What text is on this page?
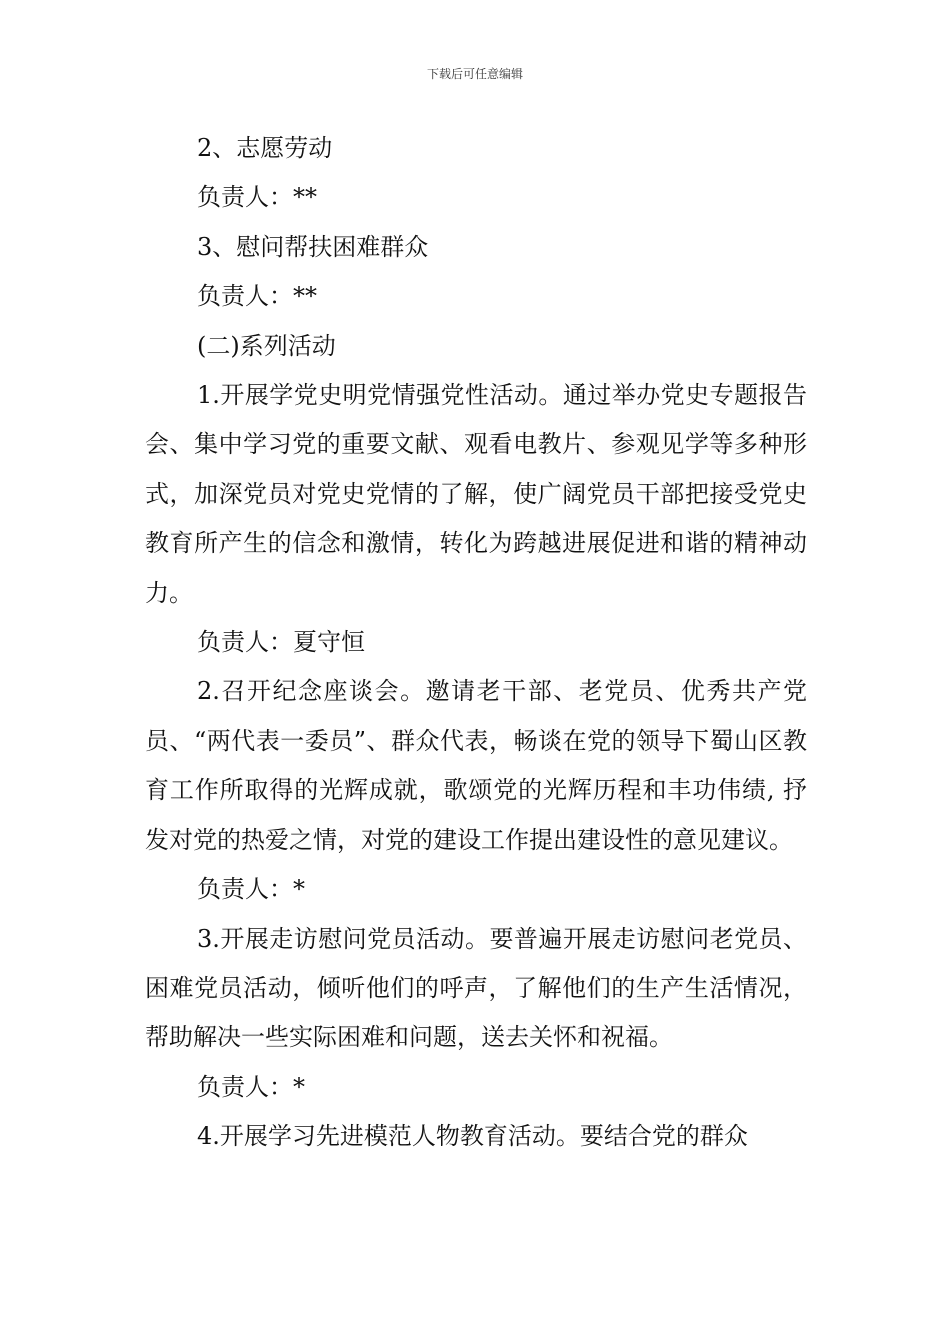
下载后可任意编辑

2、志愿劳动

负责人：**

3、慰问帮扶困难群众

负责人：**

(二)系列活动

1.开展学党史明党情强党性活动。通过举办党史专题报告会、集中学习党的重要文献、观看电教片、参观见学等多种形式，加深党员对党史党情的了解，使广阔党员干部把接受党史教育所产生的信念和激情，转化为跨越进展促进和谐的精神动力。

负责人：夏守恒

2.召开纪念座谈会。邀请老干部、老党员、优秀共产党员、“两代表一委员”、群众代表，畅谈在党的领导下蜀山区教育工作所取得的光辉成就，歌颂党的光辉历程和丰功伟绩, 抒发对党的热爱之情，对党的建设工作提出建设性的意见建议。

负责人：*

3.开展走访慰问党员活动。要普遍开展走访慰问老党员、困难党员活动，倾听他们的呼声，了解他们的生产生活情况，帮助解决一些实际困难和问题，送去关怀和祝福。

负责人：*

4.开展学习先进模范人物教育活动。要结合党的群众
